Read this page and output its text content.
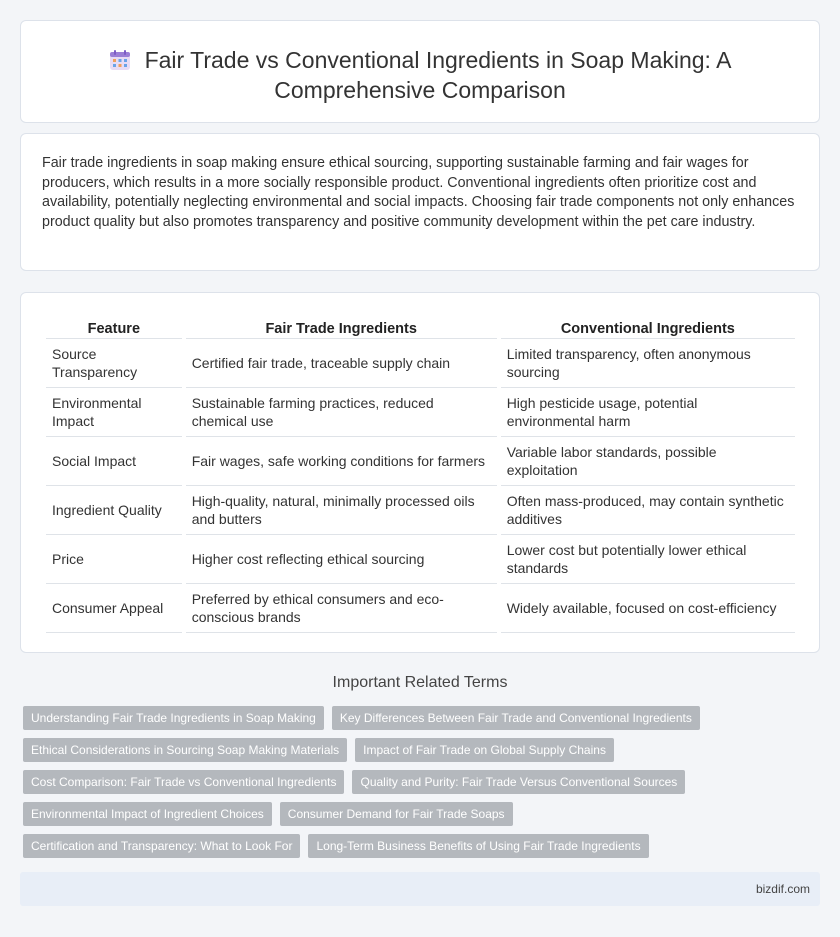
Fair Trade vs Conventional Ingredients in Soap Making: A
Comprehensive Comparison

Fair trade ingredients in soap making ensure ethical sourcing, supporting sustainable farming and fair wages for producers, which results in a more socially responsible product. Conventional ingredients often prioritize cost and availability, potentially neglecting environmental and social impacts. Choosing fair trade components not only enhances product quality but also promotes transparency and positive community development within the pet care industry.

Feature	Fair Trade Ingredients	Conventional Ingredients
Source Transparency	Certified fair trade, traceable supply chain	Limited transparency, often anonymous sourcing
Environmental Impact	Sustainable farming practices, reduced chemical use	High pesticide usage, potential environmental harm
Social Impact	Fair wages, safe working conditions for farmers	Variable labor standards, possible exploitation
Ingredient Quality	High-quality, natural, minimally processed oils and butters	Often mass-produced, may contain synthetic additives
Price	Higher cost reflecting ethical sourcing	Lower cost but potentially lower ethical standards
Consumer Appeal	Preferred by ethical consumers and eco-conscious brands	Widely available, focused on cost-efficiency
Important Related Terms
Understanding Fair Trade Ingredients in Soap Making	Key Differences Between Fair Trade and Conventional Ingredients
Ethical Considerations in Sourcing Soap Making Materials	Impact of Fair Trade on Global Supply Chains
Cost Comparison: Fair Trade vs Conventional Ingredients	Quality and Purity: Fair Trade Versus Conventional Sources
Environmental Impact of Ingredient Choices	Consumer Demand for Fair Trade Soaps
Certification and Transparency: What to Look For	Long-Term Business Benefits of Using Fair Trade Ingredients
bizdif.com
